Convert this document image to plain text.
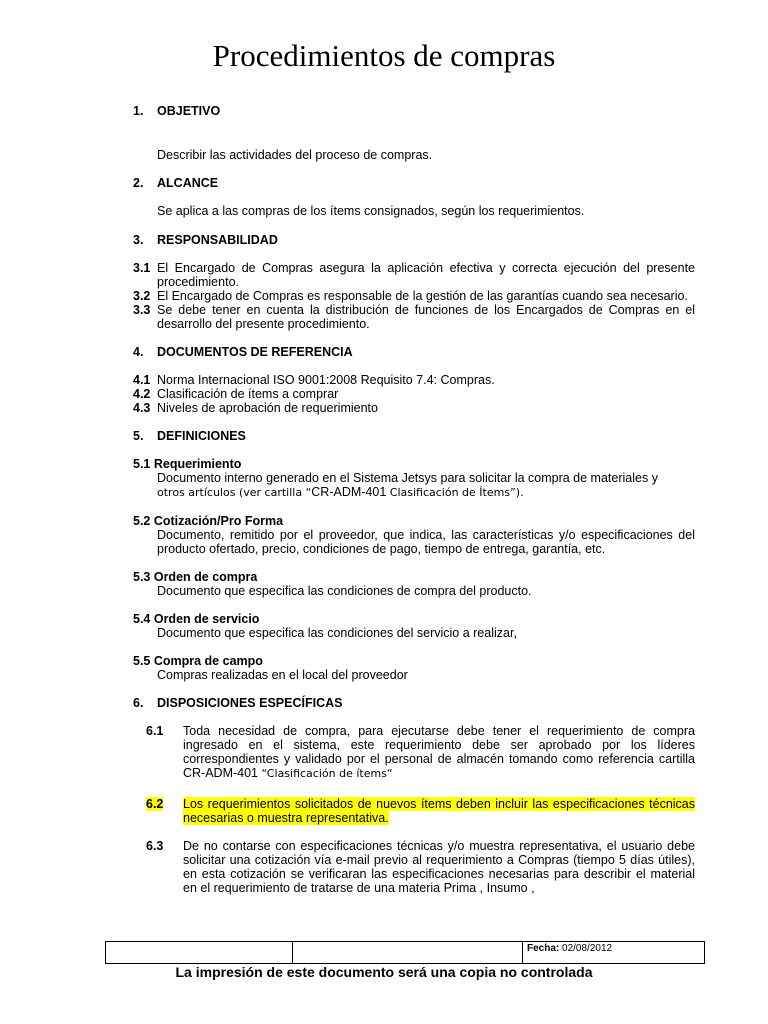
Procedimientos de compras
1.	OBJETIVO

Describir las actividades del proceso de compras.

2.	ALCANCE

Se aplica a las compras de los ítems consignados, según los requerimientos.

3.	RESPONSABILIDAD
3.1 El Encargado de Compras asegura la aplicación efectiva y correcta ejecución del presente procedimiento.
3.2 El Encargado de Compras es responsable de la gestión de las garantías cuando sea necesario.
3.3 Se debe tener en cuenta la distribución de funciones de los Encargados de Compras en el desarrollo del presente procedimiento.
4.	DOCUMENTOS DE REFERENCIA
4.1 Norma Internacional ISO 9001:2008 Requisito 7.4: Compras.
4.2 Clasificación de ítems a comprar
4.3 Niveles de aprobación de requerimiento
5.	DEFINICIONES
5.1 Requerimiento
Documento interno generado en el Sistema Jetsys para solicitar la compra de materiales y
otros artículos (ver cartilla “CR-ADM-401 Clasificación de Ítems”).
5.2 Cotización/Pro Forma
Documento, remitido por el proveedor, que indica, las características y/o especificaciones del producto ofertado, precio, condiciones de pago, tiempo de entrega, garantía, etc.
5.3 Orden de compra
Documento que especifica las condiciones de compra del producto.
5.4 Orden de servicio
Documento que especifica las condiciones del servicio a realizar,
5.5 Compra de campo
Compras realizadas en el local del proveedor
6.	DISPOSICIONES ESPECÍFICAS
6.1	Toda necesidad de compra, para ejecutarse debe tener el requerimiento de compra ingresado en el sistema, este requerimiento debe ser aprobado por los líderes correspondientes y validado por el personal de almacén tomando como referencia cartilla CR-ADM-401 “Clasificación de ítems“
6.2	Los requerimientos solicitados de nuevos ítems deben incluir las especificaciones técnicas necesarias o muestra representativa.
6.3	De no contarse con especificaciones técnicas y/o muestra representativa, el usuario debe solicitar una cotización vía e-mail previo al requerimiento a Compras (tiempo 5 días útiles), en esta cotización se verificaran las especificaciones necesarias para describir el material en el requerimiento de tratarse de una materia Prima , Insumo ,
Fecha: 02/08/2012
La impresión de este documento será una copia no controlada
